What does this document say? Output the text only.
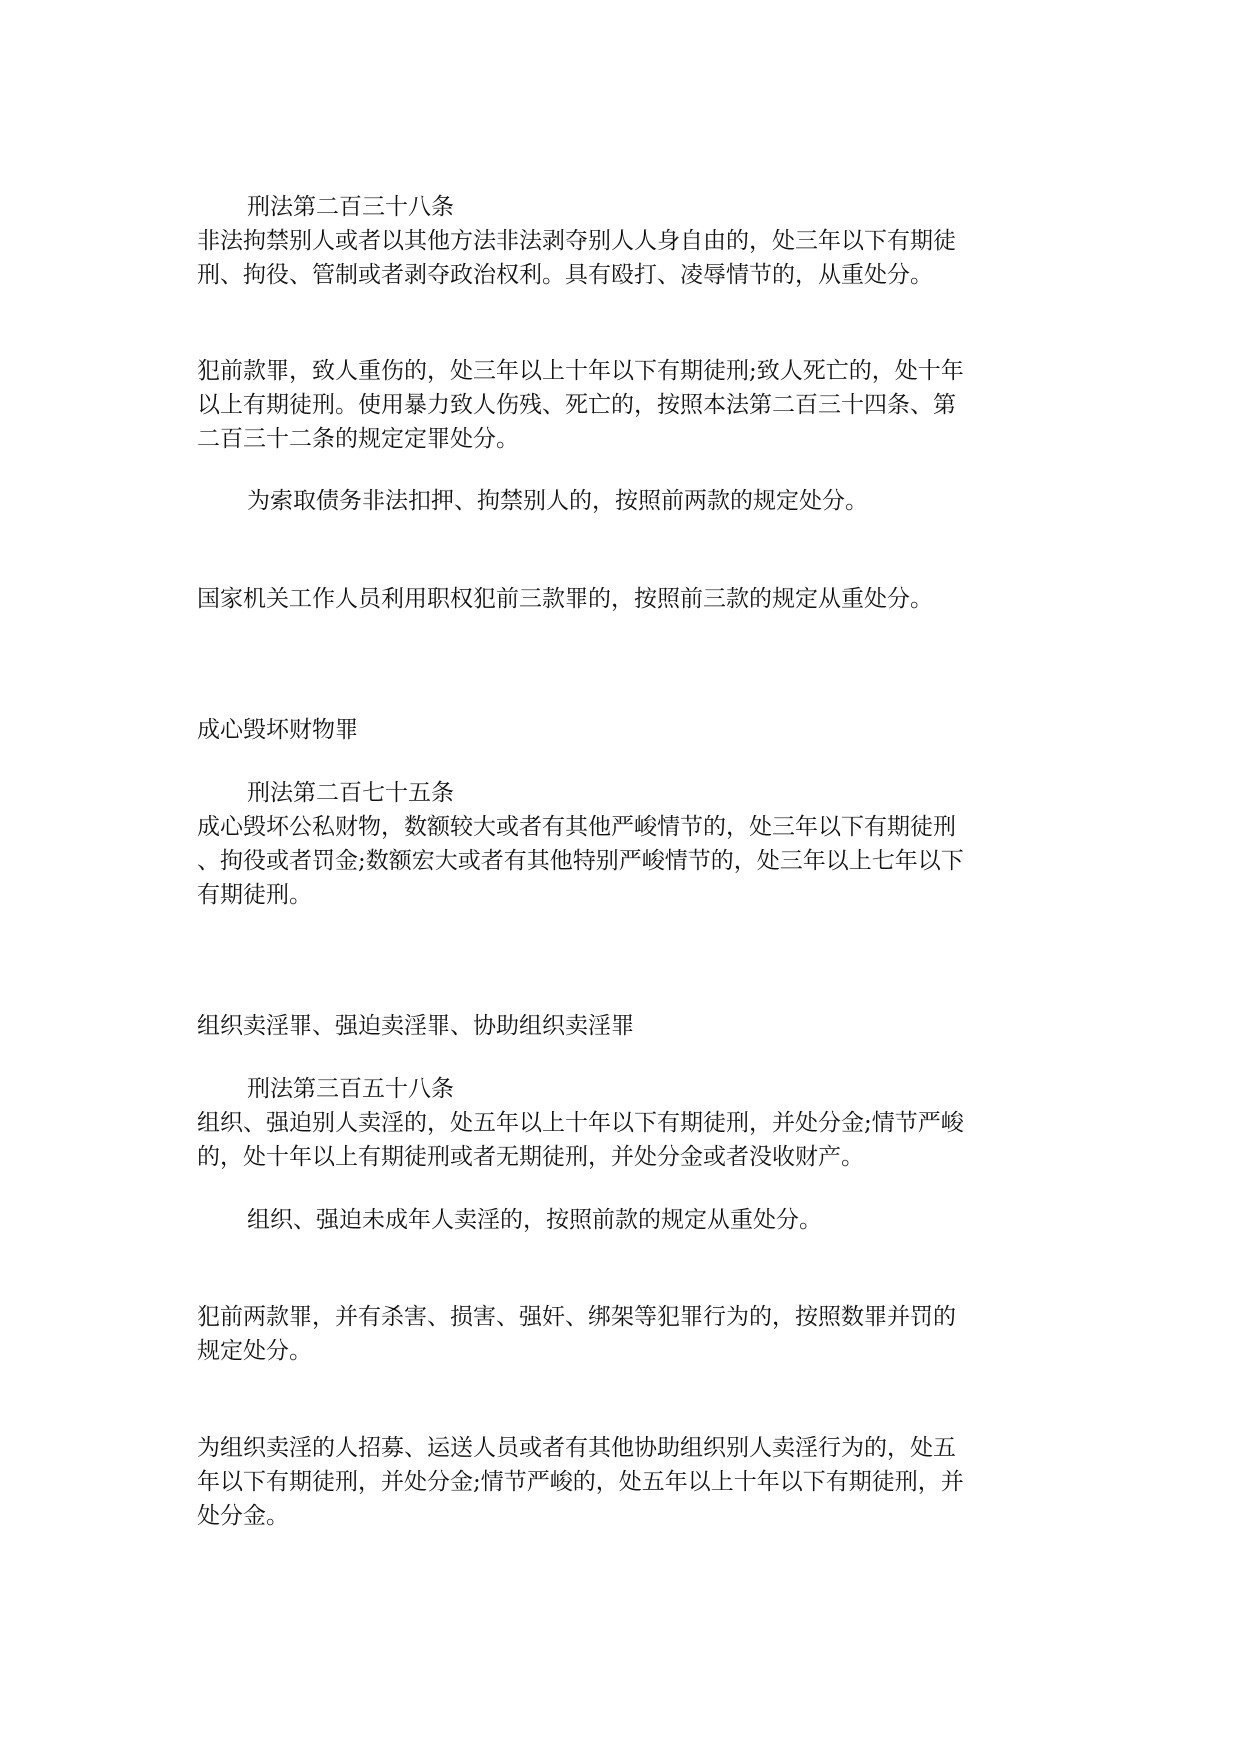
刑法第二百三十八条
非法拘禁别人或者以其他方法非法剥夺别人人身自由的，处三年以下有期徒
刑、拘役、管制或者剥夺政治权利。具有殴打、凌辱情节的，从重处分。
犯前款罪，致人重伤的，处三年以上十年以下有期徒刑;致人死亡的，处十年
以上有期徒刑。使用暴力致人伤残、死亡的，按照本法第二百三十四条、第
二百三十二条的规定定罪处分。
为索取债务非法扣押、拘禁别人的，按照前两款的规定处分。
国家机关工作人员利用职权犯前三款罪的，按照前三款的规定从重处分。
成心毁坏财物罪
刑法第二百七十五条
成心毁坏公私财物，数额较大或者有其他严峻情节的，处三年以下有期徒刑
、拘役或者罚金;数额宏大或者有其他特别严峻情节的，处三年以上七年以下
有期徒刑。
组织卖淫罪、强迫卖淫罪、协助组织卖淫罪
刑法第三百五十八条
组织、强迫别人卖淫的，处五年以上十年以下有期徒刑，并处分金;情节严峻
的，处十年以上有期徒刑或者无期徒刑，并处分金或者没收财产。
组织、强迫未成年人卖淫的，按照前款的规定从重处分。
犯前两款罪，并有杀害、损害、强奸、绑架等犯罪行为的，按照数罪并罚的
规定处分。
为组织卖淫的人招募、运送人员或者有其他协助组织别人卖淫行为的，处五
年以下有期徒刑，并处分金;情节严峻的，处五年以上十年以下有期徒刑，并
处分金。
